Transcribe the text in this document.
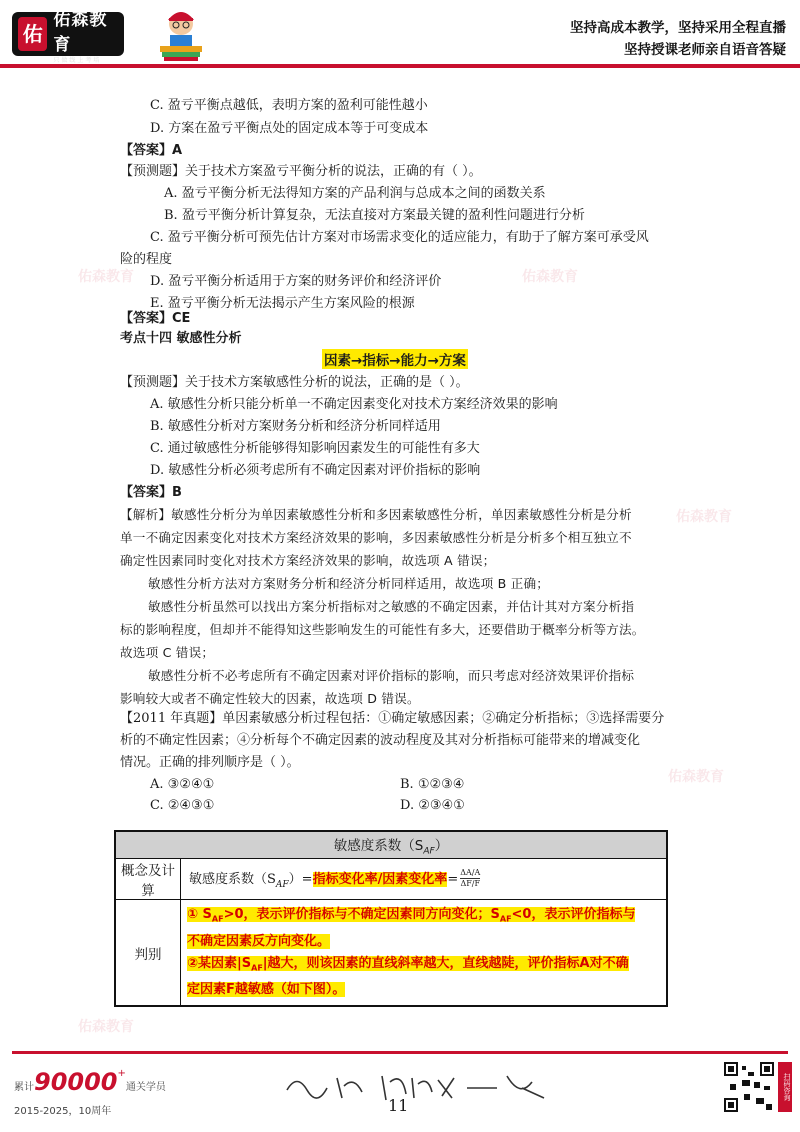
佑森教育	佑森教育
佑森教育
佑森教育
佑森教育
佑
佑森教育
只做线上考培
坚持高成本教学，坚持采用全程直播
坚持授课老师亲自语音答疑
C. 盈亏平衡点越低，表明方案的盈利可能性越小
D. 方案在盈亏平衡点处的固定成本等于可变成本
【答案】A
【预测题】关于技术方案盈亏平衡分析的说法，正确的有（ ）。
A. 盈亏平衡分析无法得知方案的产品利润与总成本之间的函数关系
B. 盈亏平衡分析计算复杂，无法直接对方案最关键的盈利性问题进行分析
C. 盈亏平衡分析可预先估计方案对市场需求变化的适应能力，有助于了解方案可承受风
险的程度
D. 盈亏平衡分析适用于方案的财务评价和经济评价
E. 盈亏平衡分析无法揭示产生方案风险的根源
【答案】CE
考点十四 敏感性分析
因素→指标→能力→方案
【预测题】关于技术方案敏感性分析的说法，正确的是（ ）。
A. 敏感性分析只能分析单一不确定因素变化对技术方案经济效果的影响
B. 敏感性分析对方案财务分析和经济分析同样适用
C. 通过敏感性分析能够得知影响因素发生的可能性有多大
D. 敏感性分析必须考虑所有不确定因素对评价指标的影响
【答案】B
【解析】敏感性分析分为单因素敏感性分析和多因素敏感性分析，单因素敏感性分析是分析
单一不确定因素变化对技术方案经济效果的影响，多因素敏感性分析是分析多个相互独立不
确定性因素同时变化对技术方案经济效果的影响，故选项 A 错误；
敏感性分析方法对方案财务分析和经济分析同样适用，故选项 B 正确；
敏感性分析虽然可以找出方案分析指标对之敏感的不确定因素，并估计其对方案分析指
标的影响程度，但却并不能得知这些影响发生的可能性有多大，还要借助于概率分析等方法。
故选项 C 错误；
敏感性分析不必考虑所有不确定因素对评价指标的影响，而只考虑对经济效果评价指标
影响较大或者不确定性较大的因素，故选项 D 错误。
【2011 年真题】单因素敏感分析过程包括：①确定敏感因素；②确定分析指标；③选择需要分
析的不确定性因素；④分析每个不确定因素的波动程度及其对分析指标可能带来的增减变化
情况。正确的排列顺序是（ ）。
A. ③②④①	B. ①②③④
C. ②④③①	D. ②③④①
敏感度系数$(S_{AF})$	
概念及计算	敏感度系数$(S_{AF})=$指标变化率/因素变化率= $\frac{\Delta A/A}{\Delta F/F}$

判别	① $S_{AF}>0$，表示评价指标与不确定因素同方向变化；$S_{AF}<0$，表示评价指标与
不确定因素反方向变化。
②某因素$|S_{AF}|$越大，则该因素的直线斜率越大，直线越陡，评价指标A对不确
定因素F越敏感（如下图）。
累计90000+通关学员
2015-2025，10周年	11
扫码咨询
